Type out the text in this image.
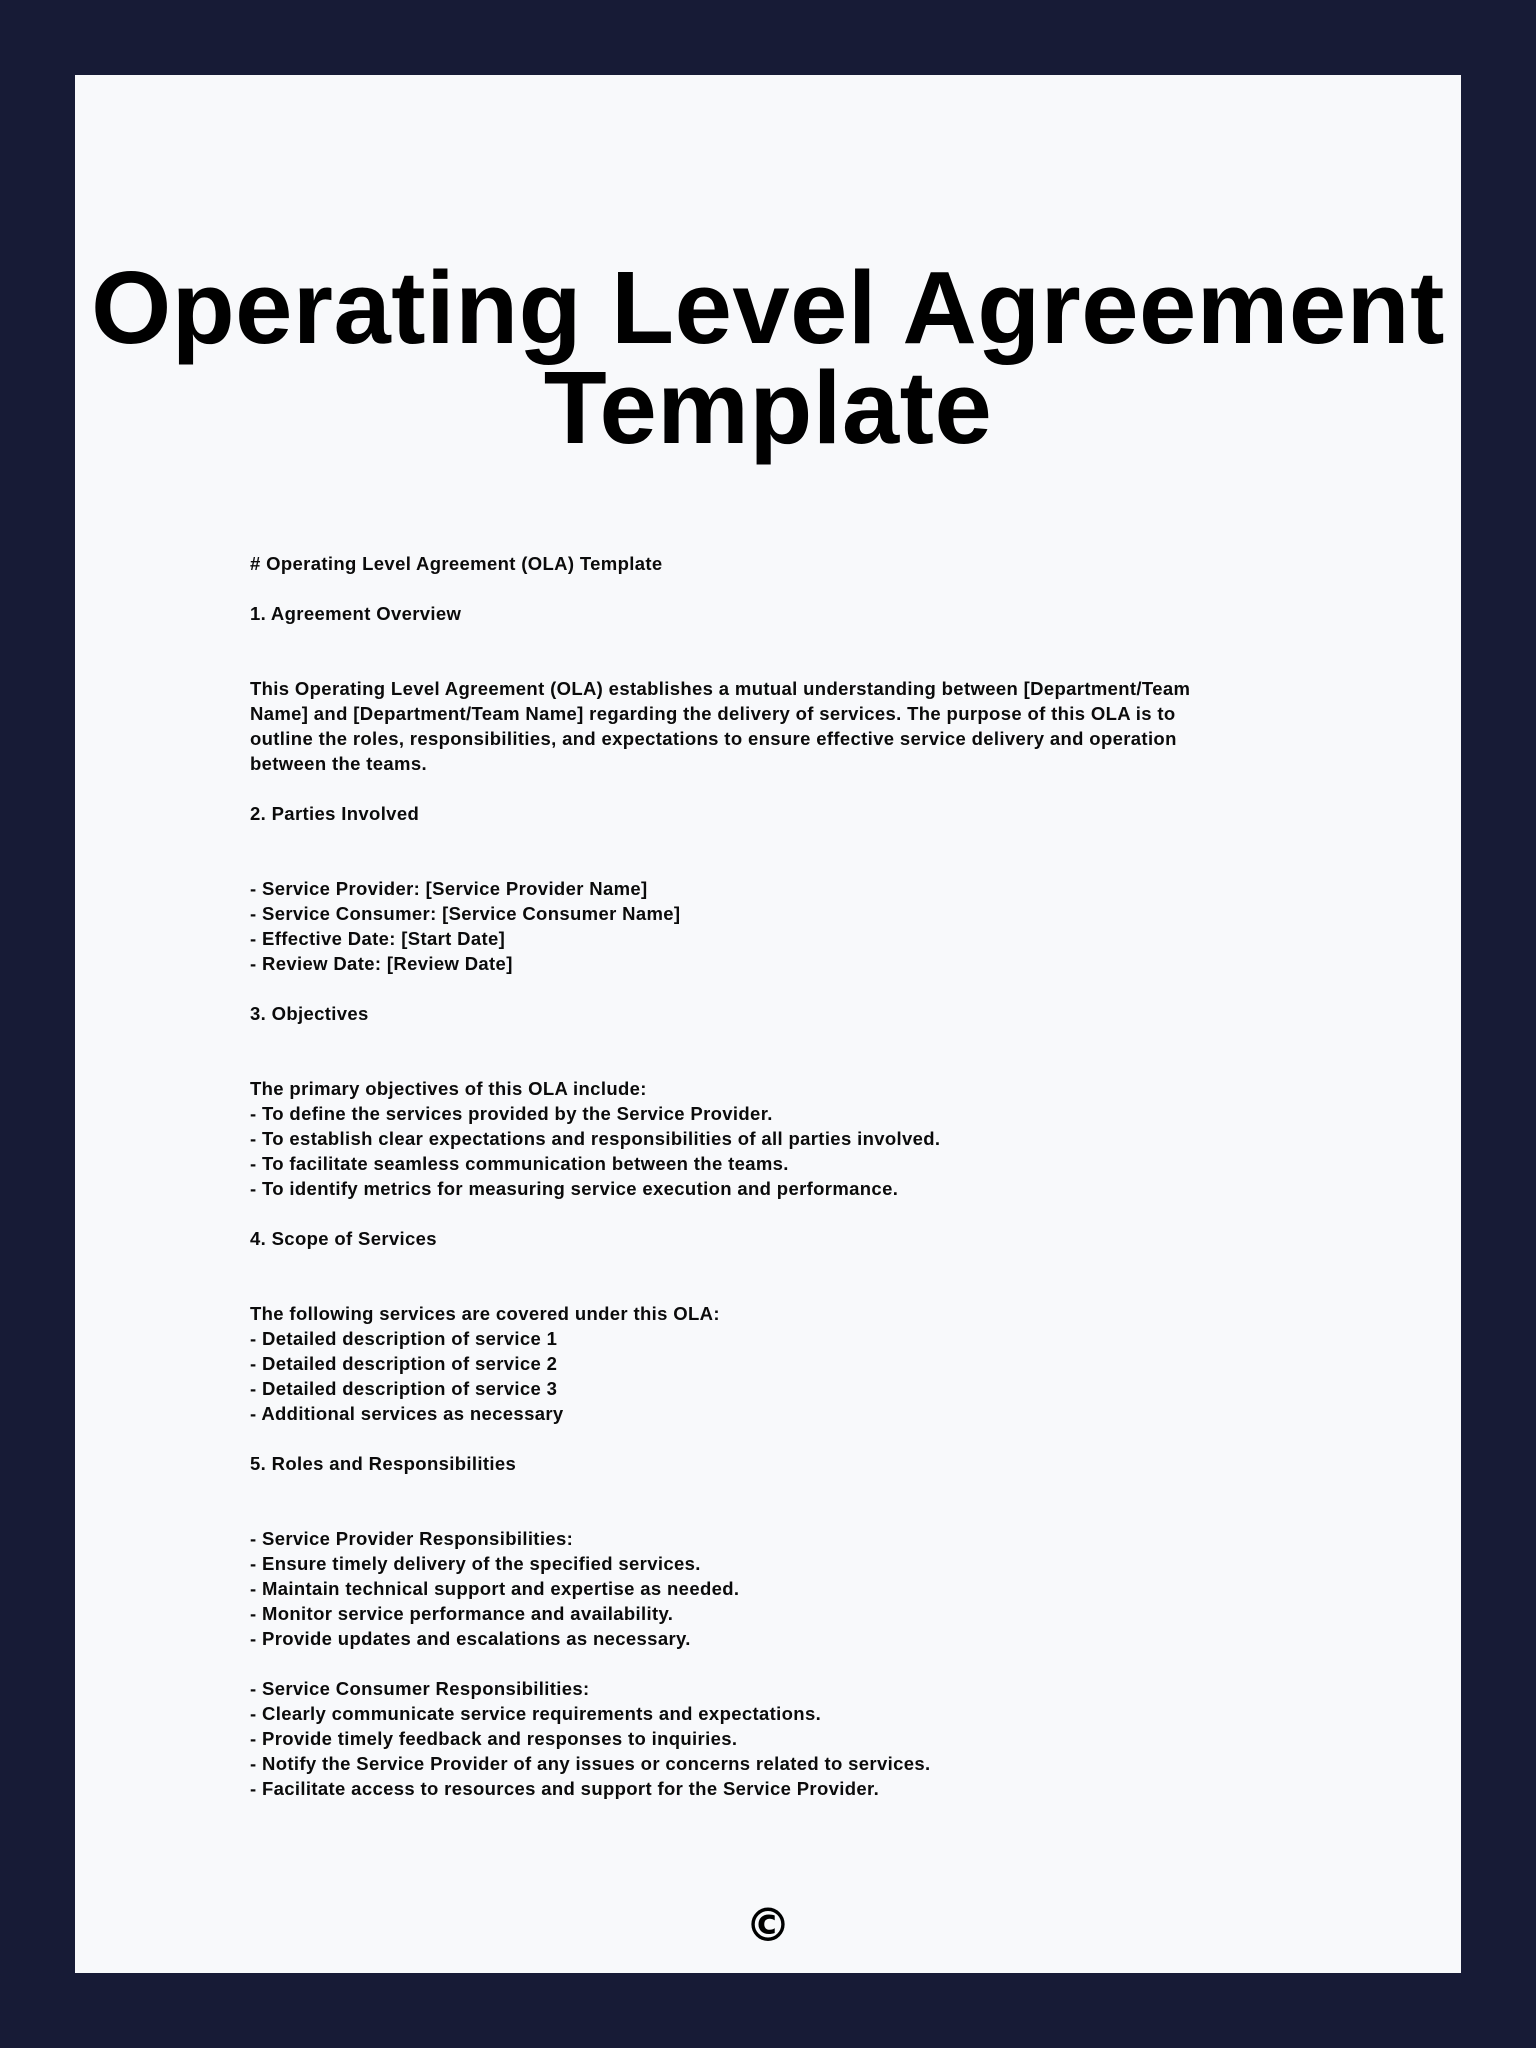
Operating Level Agreement
Template
# Operating Level Agreement (OLA) Template
1. Agreement Overview
This Operating Level Agreement (OLA) establishes a mutual understanding between [Department/Team
Name] and [Department/Team Name] regarding the delivery of services. The purpose of this OLA is to
outline the roles, responsibilities, and expectations to ensure effective service delivery and operation
between the teams.
2. Parties Involved
- Service Provider: [Service Provider Name]
- Service Consumer: [Service Consumer Name]
- Effective Date: [Start Date]
- Review Date: [Review Date]
3. Objectives
The primary objectives of this OLA include:
- To define the services provided by the Service Provider.
- To establish clear expectations and responsibilities of all parties involved.
- To facilitate seamless communication between the teams.
- To identify metrics for measuring service execution and performance.
4. Scope of Services
The following services are covered under this OLA:
- Detailed description of service 1
- Detailed description of service 2
- Detailed description of service 3
- Additional services as necessary
5. Roles and Responsibilities
- Service Provider Responsibilities:
- Ensure timely delivery of the specified services.
- Maintain technical support and expertise as needed.
- Monitor service performance and availability.
- Provide updates and escalations as necessary.
- Service Consumer Responsibilities:
- Clearly communicate service requirements and expectations.
- Provide timely feedback and responses to inquiries.
- Notify the Service Provider of any issues or concerns related to services.
- Facilitate access to resources and support for the Service Provider.
©
